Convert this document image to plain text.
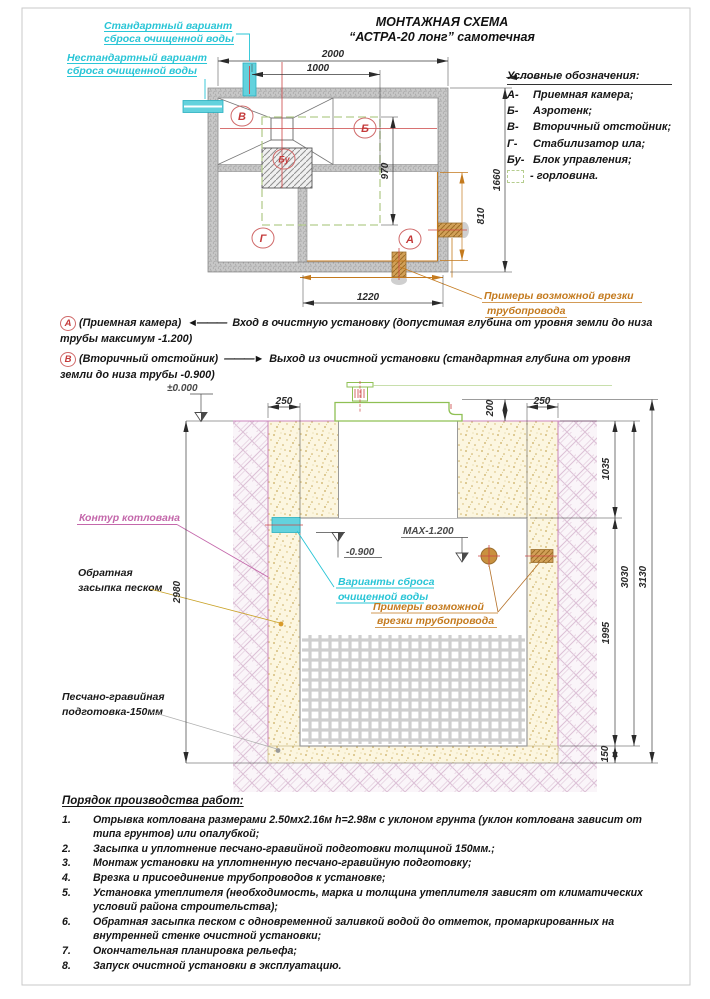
В
Б
Бу
Г	А
2000
1000
970	1660
810
1220	Примеры возможной врезки
трубопровода
±0.000
-0.900
MAX-1.200
Контур котлована
Обратная
засыпка песком
Песчано-гравийная
подготовка-150мм
Варианты сброса
очищенной воды
Примеры возможной
врезки трубопровода
2980
250	250
200
1035
1995
150
3030 3130
МОНТАЖНАЯ СХЕМА
“АСТРА-20 лонг” самотечная
Стандартный вариант
сброса очищенной воды
Нестандартный вариант
сброса очищенной воды	Условные обозначения:
А-	Приемная камера;
Б-	Аэротенк;
В-	Вторичный отстойник;
Г-	Стабилизатор ила;
Бу- Блок управления;
- горловина.

А (Приемная камера) ◄——— Вход в очистную установку (допустимая глубина от уровня земли до низа трубы максимум -1.200)

В (Вторичный отстойник) ———► Выход из очистной установки (стандартная глубина от уровня земли до низа трубы -0.900)

Порядок производства работ:
1.	Отрывка котлована размерами 2.50мх2.16м h=2.98м с уклоном грунта (уклон котлована зависит от типа грунтов) или опалубкой;
2.	Засыпка и уплотнение песчано-гравийной подготовки толщиной 150мм.;
3.	Монтаж установки на уплотненную песчано-гравийную подготовку;
4.	Врезка и присоединение трубопроводов к установке;
5.	Установка утеплителя (необходимость, марка и толщина утеплителя зависят от климатических условий района строительства);
6.	Обратная засыпка песком с одновременной заливкой водой до отметок, промаркированных на внутренней стенке очистной установки;
7.	Окончательная планировка рельефа;
8.	Запуск очистной установки в эксплуатацию.
